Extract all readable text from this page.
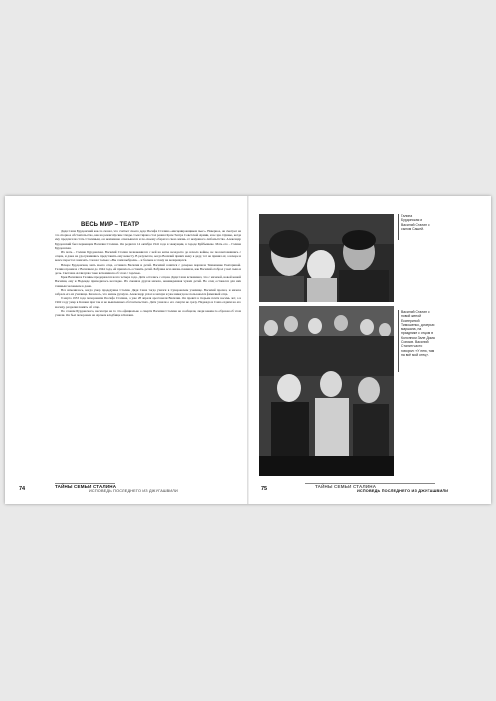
ВЕСЬ МИР – ТЕАТР

Дядя Саша Бурдонский как-то сказал, что считает своего деда Иосифа Сталина «инсценировщиком пьес». Наверное, он смотрел на это спорное обстоятельство, как на режиссёрские этюды. Сын тирана стал режиссёром Театра Советской Армии, и не зря. Однако, когда ему предлагали стать Сталиным, он неизменно отказывался и по-своему оберегал свою жизнь от ненужного любопытства. Александр Бурдонский был первенцем Василия Сталина. Он родился 14 октября 1941 года в эвакуации, в городе Куйбышеве. Мать его – Галина Бурдонская.

Их мать – Галина Бурдонская. Василий Сталин познакомился с ней на катке незадолго до начала войны, не посоветовавшись с отцом, и даже не удосужившись представить ему невесту. В результате, когда Василий привёз жену к деду, тот не принял её, а вскоре и вовсе перестал замечать. Сказал только: «Вы сами выбрали» – и больше к этому не возвращался.

Вскоре Бурдонская, мать моего отца, оставила Василия и детей. Василий сошёлся с дочерью маршала Тимошенко Екатериной. Галина прожила с Василием до 1944 года, ей пришлось оставить детей. Бабушка всю жизнь помнила, как Василий отобрал у неё сына и дочь. Светлана Аллилуева тоже вспоминала об этом с горечью.

Брак Василия и Галины продержался всего четыре года. Дети остались с отцом. Дядя Саша вспоминал, что с мачехой, новой женой Василия, ему и Надежде приходилось несладко. Их сменяла другая мачеха, ненавидевшая чужих детей. Но отец оставался для них главным человеком в доме.

Все изменилось, когда умер прадедушка Сталин. Дядя Саша тогда учился в Суворовском училище. Василий пропал, и мачеха забрала его из училища. Казалось, что жизнь рухнула. Александр уехал к матери и уже никогда не пользовался фамилией отца.

9 марта 1953 года похоронили Иосифа Сталина, а уже 28 апреля арестовали Василия. Он провёл в тюрьме почти восемь лет, а в 1962 году умер в Казани при так и не выясненных обстоятельствах. Дети узнали о его смерти не сразу. Надежда и Саша ездили на его могилу, разделяя память об отце.

По словам Бурдонского, несмотря на то что официально о смерти Василия Сталина не сообщали, люди каким-то образом об этом узнали. Он был похоронен на Арском кладбище в Казани.

74	ТАЙНЫ СЕМЬИ СТАЛИНА
ИСПОВЕДЬ ПОСЛЕДНЕГО ИЗ ДЖУГАШВИЛИ
Галина Бурдонская и Василий Сталин с сыном Сашей.
Василий Сталин с новой женой Екатериной Тимошенко, дочерью маршала, на празднике с отцом в Колонном Зале Дома Союзов. Василий Сталин часто говорил: «У нею, там на всё мой отец».
75	ТАЙНЫ СЕМЬИ СТАЛИНА
ИСПОВЕДЬ ПОСЛЕДНЕГО ИЗ ДЖУГАШВИЛИ
